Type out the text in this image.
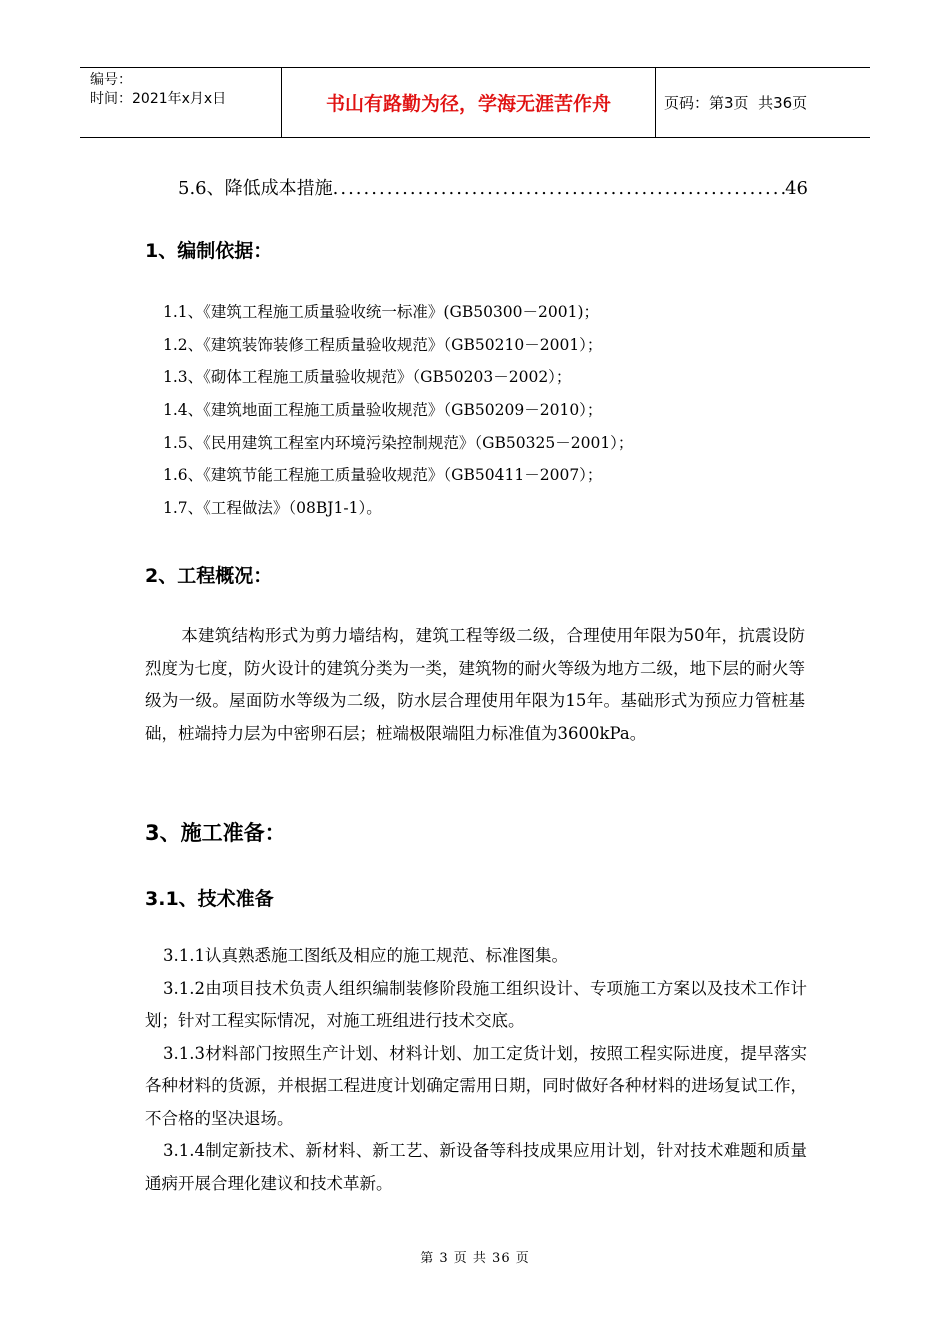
编号：
时间：2021年x月x日	书山有路勤为径，学海无涯苦作舟	页码：第3页  共36页
5.6、降低成本措施
.....	46
1、编制依据：
1.1、《建筑工程施工质量验收统一标准》(GB50300－2001)；
1.2、《建筑装饰装修工程质量验收规范》（GB50210－2001）；
1.3、《砌体工程施工质量验收规范》（GB50203－2002）；
1.4、《建筑地面工程施工质量验收规范》（GB50209－2010）；
1.5、《民用建筑工程室内环境污染控制规范》（GB50325－2001）；
1.6、《建筑节能工程施工质量验收规范》（GB50411－2007）；
1.7、《工程做法》（08BJ1-1）。
2、工程概况：
本建筑结构形式为剪力墙结构，建筑工程等级二级，合理使用年限为50年，抗震设防烈度为七度，防火设计的建筑分类为一类，建筑物的耐火等级为地方二级，地下层的耐火等级为一级。屋面防水等级为二级，防水层合理使用年限为15年。基础形式为预应力管桩基础，桩端持力层为中密卵石层；桩端极限端阻力标准值为3600kPa。
3、施工准备：
3.1、技术准备

3.1.1认真熟悉施工图纸及相应的施工规范、标准图集。

3.1.2由项目技术负责人组织编制装修阶段施工组织设计、专项施工方案以及技术工作计划；针对工程实际情况，对施工班组进行技术交底。

3.1.3材料部门按照生产计划、材料计划、加工定货计划，按照工程实际进度，提早落实各种材料的货源，并根据工程进度计划确定需用日期，同时做好各种材料的进场复试工作，不合格的坚决退场。

3.1.4制定新技术、新材料、新工艺、新设备等科技成果应用计划，针对技术难题和质量通病开展合理化建议和技术革新。

第 3 页 共 36 页
